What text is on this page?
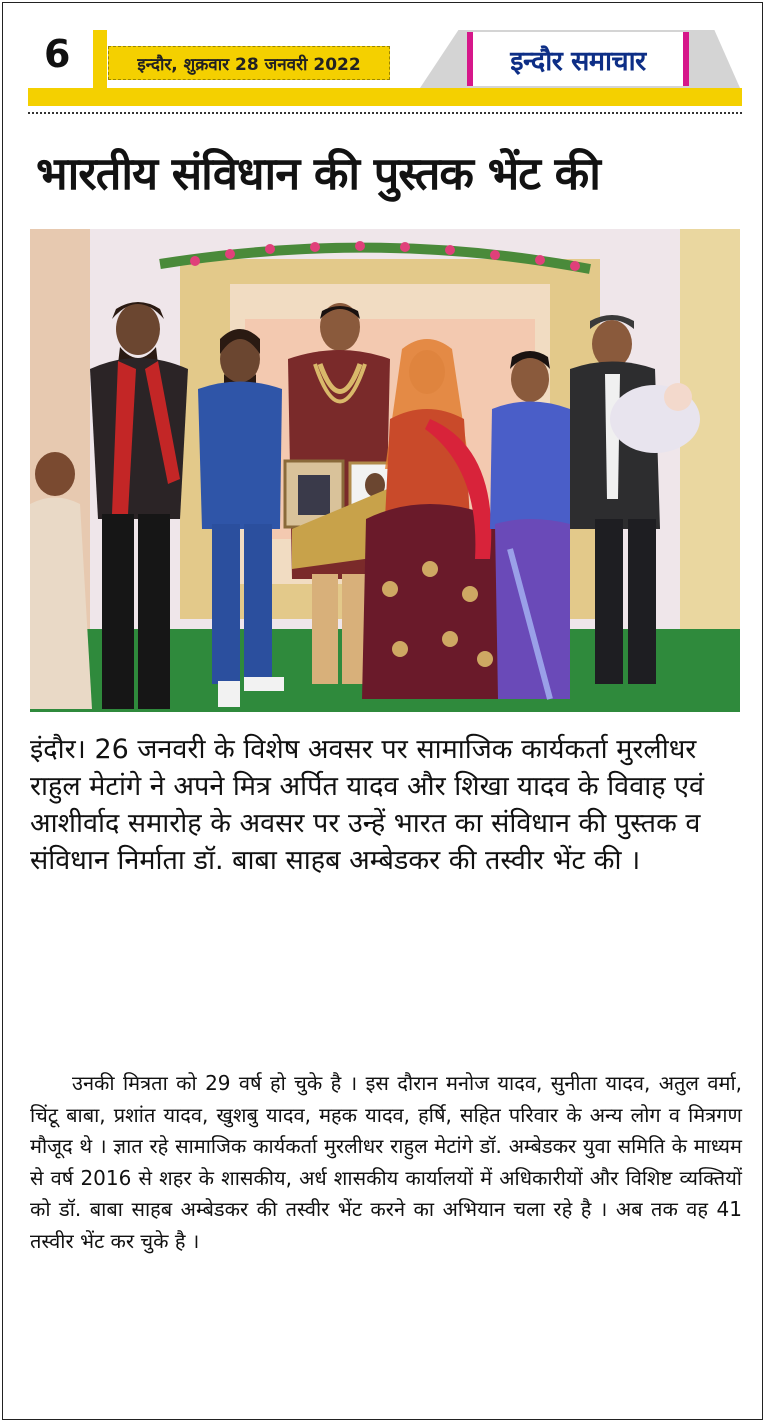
6	इन्दौर, शुक्रवार 28 जनवरी 2022	इन्दौर समाचार
भारतीय संविधान की पुस्तक भेंट की

इंदौर। 26 जनवरी के विशेष अवसर पर सामाजिक कार्यकर्ता मुरलीधर राहुल मेटांगे ने अपने मित्र अर्पित यादव और शिखा यादव के विवाह एवं आशीर्वाद समारोह के अवसर पर उन्हें भारत का संविधान की पुस्तक व संविधान निर्माता डॉ. बाबा साहब अम्बेडकर की तस्वीर भेंट की ।

उनकी मित्रता को 29 वर्ष हो चुके है । इस दौरान मनोज यादव, सुनीता यादव, अतुल वर्मा, चिंटू बाबा, प्रशांत यादव, खुशबु यादव, महक यादव, हर्षि, सहित परिवार के अन्य लोग व मित्रगण मौजूद थे । ज्ञात रहे सामाजिक कार्यकर्ता मुरलीधर राहुल मेटांगे डॉ. अम्बेडकर युवा समिति के माध्यम से वर्ष 2016 से शहर के शासकीय, अर्ध शासकीय कार्यालयों में अधिकारीयों और विशिष्ट व्यक्तियों को डॉ. बाबा साहब अम्बेडकर की तस्वीर भेंट करने का अभियान चला रहे है । अब तक वह 41 तस्वीर भेंट कर चुके है ।
